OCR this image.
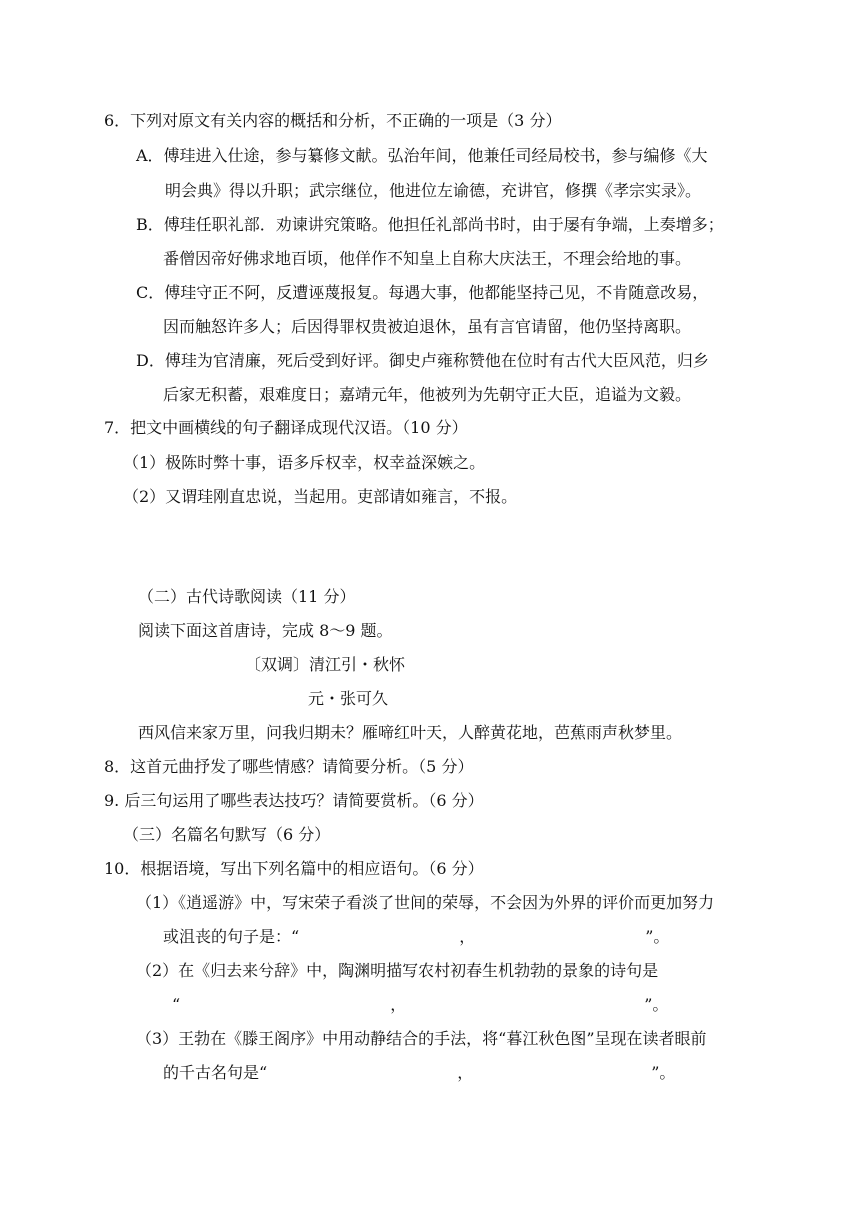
6．下列对原文有关内容的概括和分析，不正确的一项是（3 分）
A．傅珪进入仕途，参与纂修文献。弘治年间，他兼任司经局校书，参与编修《大
明会典》得以升职；武宗继位，他进位左谕德，充讲官，修撰《孝宗实录》。
B．傅珪任职礼部．劝谏讲究策略。他担任礼部尚书时，由于屡有争端，上奏增多；
番僧因帝好佛求地百顷，他佯作不知皇上自称大庆法王，不理会给地的事。
C．傅珪守正不阿，反遭诬蔑报复。每遇大事，他都能坚持己见，不肯随意改易，
因而触怒许多人；后因得罪权贵被迫退休，虽有言官请留，他仍坚持离职。
D．傅珪为官清廉，死后受到好评。御史卢雍称赞他在位时有古代大臣风范，归乡
后家无积蓄，艰难度日；嘉靖元年，他被列为先朝守正大臣，追谥为文毅。
7．把文中画横线的句子翻译成现代汉语。（10 分）
（1）极陈时弊十事，语多斥权幸，权幸益深嫉之。
（2）又谓珪刚直忠说，当起用。吏部请如雍言，不报。
（二）古代诗歌阅读（11 分）
阅读下面这首唐诗，完成 8～9 题。
〔双调〕清江引・秋怀
元・张可久
西风信来家万里，问我归期未？雁啼红叶天，人醉黄花地，芭蕉雨声秋梦里。
8．这首元曲抒发了哪些情感？请简要分析。（5 分）
9. 后三句运用了哪些表达技巧？请简要赏析。（6 分）
（三）名篇名句默写（6 分）
10．根据语境，写出下列名篇中的相应语句。（6 分）
（1）《逍遥游》中，写宋荣子看淡了世间的荣辱，不会因为外界的评价而更加努力
或沮丧的句子是：“	，	”。
（2）在《归去来兮辞》中，陶渊明描写农村初春生机勃勃的景象的诗句是
“	，	”。
（3）王勃在《滕王阁序》中用动静结合的手法，将“暮江秋色图”呈现在读者眼前
的千古名句是“	，	”。
